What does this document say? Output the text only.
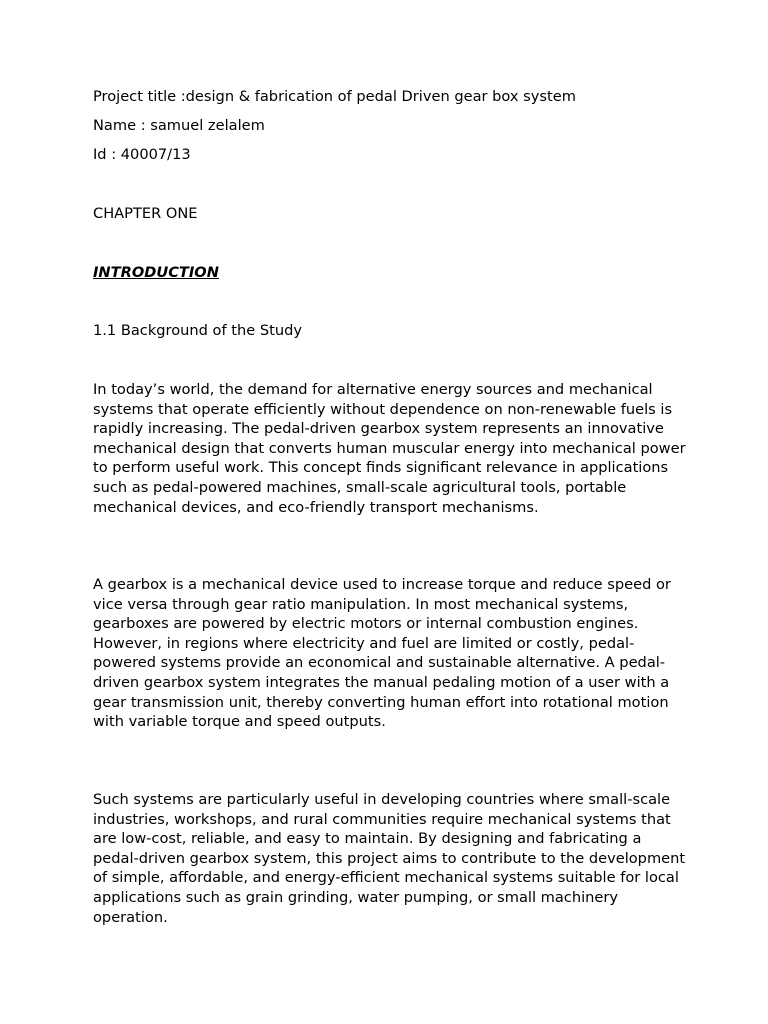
Project title :design & fabrication of pedal Driven gear box system

Name : samuel zelalem

Id : 40007/13

CHAPTER ONE

INTRODUCTION

1.1 Background of the Study

In today’s world, the demand for alternative energy sources and mechanical systems that operate efficiently without dependence on non-renewable fuels is rapidly increasing. The pedal-driven gearbox system represents an innovative mechanical design that converts human muscular energy into mechanical power to perform useful work. This concept finds significant relevance in applications such as pedal-powered machines, small-scale agricultural tools, portable mechanical devices, and eco-friendly transport mechanisms.

A gearbox is a mechanical device used to increase torque and reduce speed or vice versa through gear ratio manipulation. In most mechanical systems, gearboxes are powered by electric motors or internal combustion engines. However, in regions where electricity and fuel are limited or costly, pedal-powered systems provide an economical and sustainable alternative. A pedal-driven gearbox system integrates the manual pedaling motion of a user with a gear transmission unit, thereby converting human effort into rotational motion with variable torque and speed outputs.

Such systems are particularly useful in developing countries where small-scale industries, workshops, and rural communities require mechanical systems that are low-cost, reliable, and easy to maintain. By designing and fabricating a pedal-driven gearbox system, this project aims to contribute to the development of simple, affordable, and energy-efficient mechanical systems suitable for local applications such as grain grinding, water pumping, or small machinery operation.
